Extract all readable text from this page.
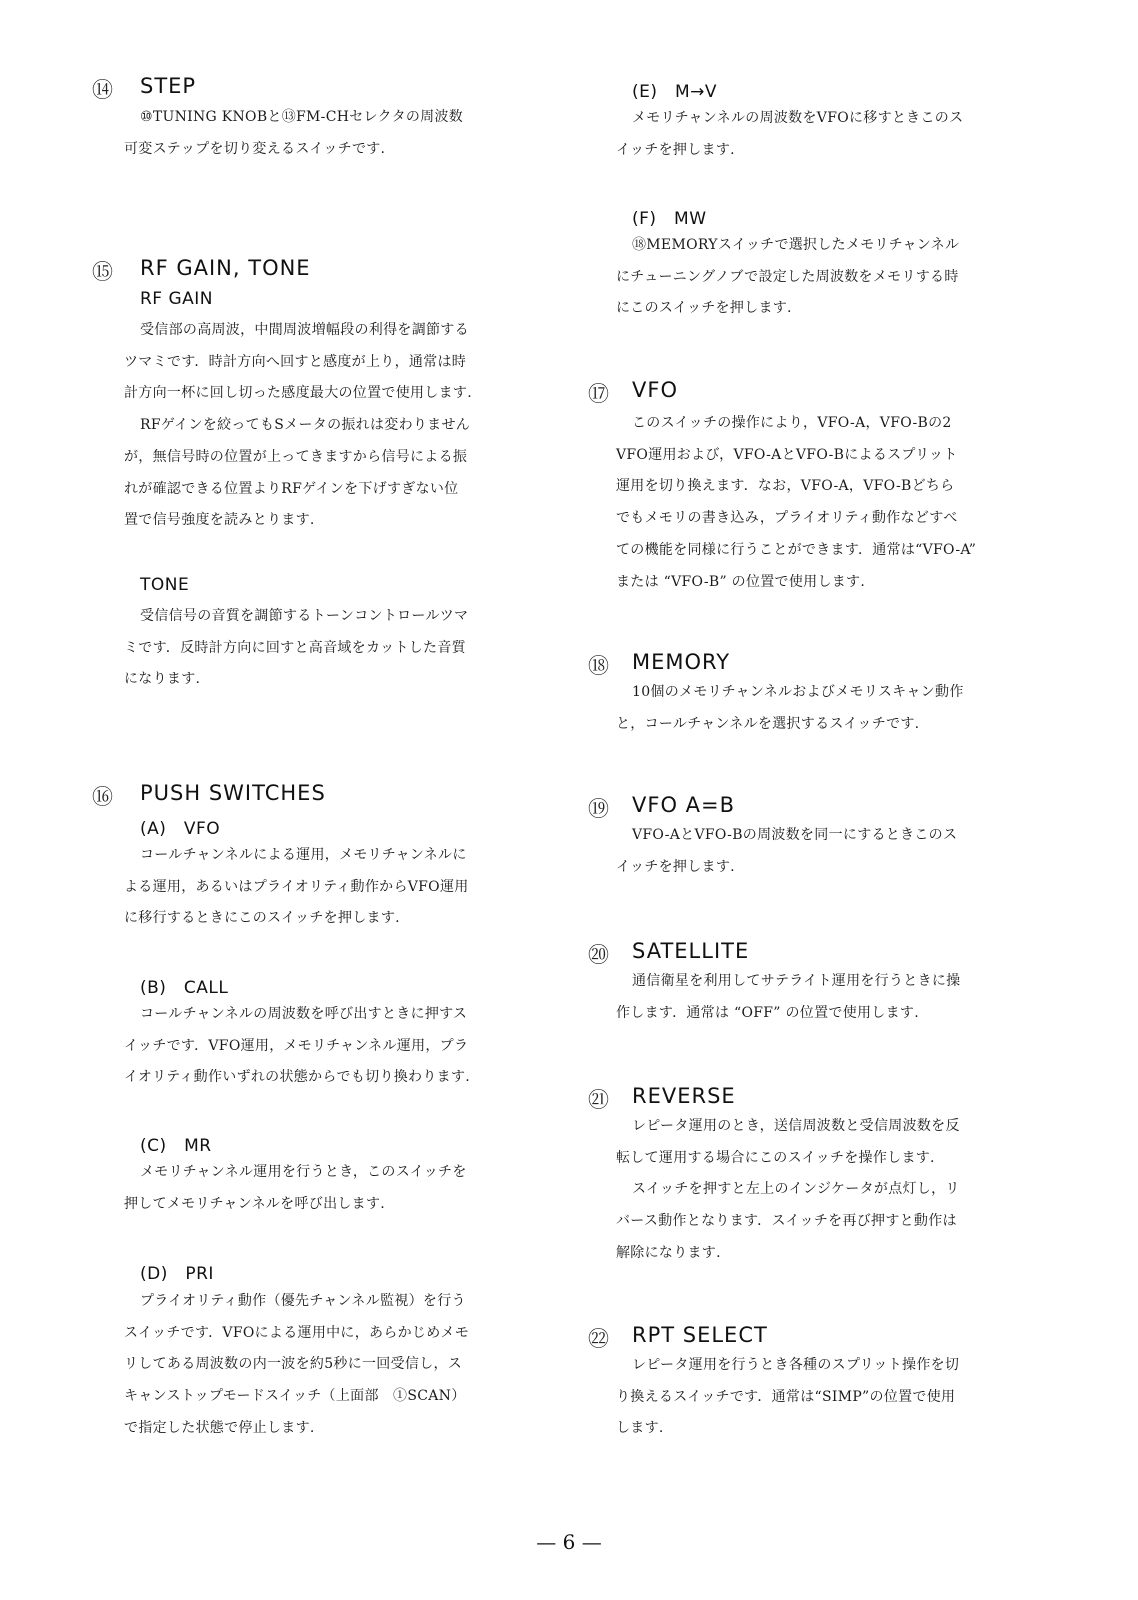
⑭ STEP
⑩TUNING KNOBと⑬FM-CHセレクタの周波数
可変ステップを切り変えるスイッチです.
⑮ RF GAIN, TONE
RF GAIN
受信部の高周波，中間周波増幅段の利得を調節する
ツマミです．時計方向へ回すと感度が上り，通常は時
計方向一杯に回し切った感度最大の位置で使用します.
RFゲインを絞ってもSメータの振れは変わりません
が，無信号時の位置が上ってきますから信号による振
れが確認できる位置よりRFゲインを下げすぎない位
置で信号強度を読みとります.
TONE
受信信号の音質を調節するトーンコントロールツマ
ミです．反時計方向に回すと高音域をカットした音質
になります.
⑯ PUSH SWITCHES
(A)　VFO
コールチャンネルによる運用，メモリチャンネルに
よる運用，あるいはプライオリティ動作からVFO運用
に移行するときにこのスイッチを押します.
(B)　CALL
コールチャンネルの周波数を呼び出すときに押すス
イッチです．VFO運用，メモリチャンネル運用，プラ
イオリティ動作いずれの状態からでも切り換わります.
(C)　MR
メモリチャンネル運用を行うとき，このスイッチを
押してメモリチャンネルを呼び出します.
(D)　PRI
プライオリティ動作（優先チャンネル監視）を行う
スイッチです．VFOによる運用中に，あらかじめメモ
リしてある周波数の内一波を約5秒に一回受信し，ス
キャンストップモードスイッチ（上面部　①SCAN）
で指定した状態で停止します.
(E)　M→V
メモリチャンネルの周波数をVFOに移すときこのス
イッチを押します.
(F)　MW
⑱MEMORYスイッチで選択したメモリチャンネル
にチューニングノブで設定した周波数をメモリする時
にこのスイッチを押します.
⑰ VFO
このスイッチの操作により，VFO-A，VFO-Bの2
VFO運用および，VFO-AとVFO-Bによるスプリット
運用を切り換えます．なお，VFO-A，VFO-Bどちら
でもメモリの書き込み，プライオリティ動作などすべ
ての機能を同様に行うことができます．通常は“VFO-A”
または “VFO-B” の位置で使用します.
⑱ MEMORY
10個のメモリチャンネルおよびメモリスキャン動作
と，コールチャンネルを選択するスイッチです.
⑲ VFO A=B
VFO-AとVFO-Bの周波数を同一にするときこのス
イッチを押します.
⑳ SATELLITE
通信衛星を利用してサテライト運用を行うときに操
作します．通常は “OFF” の位置で使用します.
㉑ REVERSE
レピータ運用のとき，送信周波数と受信周波数を反
転して運用する場合にこのスイッチを操作します.
スイッチを押すと左上のインジケータが点灯し，リ
バース動作となります．スイッチを再び押すと動作は
解除になります.
㉒ RPT SELECT
レピータ運用を行うとき各種のスプリット操作を切
り換えるスイッチです．通常は“SIMP”の位置で使用
します.
— 6 —
